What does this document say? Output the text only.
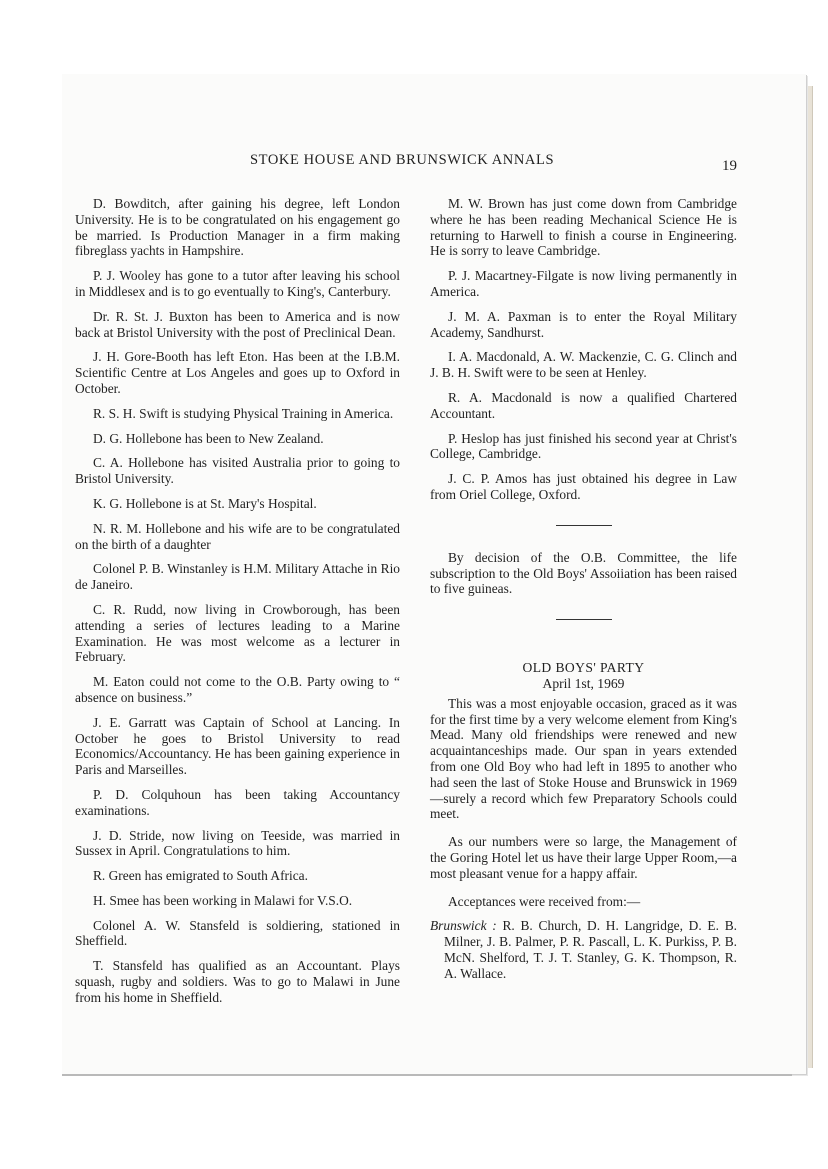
STOKE HOUSE AND BRUNSWICK ANNALS	19

D. Bowditch, after gaining his degree, left London University. He is to be congratulated on his engagement go be married. Is Production Manager in a firm making fibreglass yachts in Hampshire.

P. J. Wooley has gone to a tutor after leaving his school in Middlesex and is to go eventually to King's, Canterbury.

Dr. R. St. J. Buxton has been to America and is now back at Bristol University with the post of Preclinical Dean.

J. H. Gore-Booth has left Eton. Has been at the I.B.M. Scientific Centre at Los Angeles and goes up to Oxford in October.

R. S. H. Swift is studying Physical Training in America.

D. G. Hollebone has been to New Zealand.

C. A. Hollebone has visited Australia prior to going to Bristol University.

K. G. Hollebone is at St. Mary's Hospital.

N. R. M. Hollebone and his wife are to be congratulated on the birth of a daughter

Colonel P. B. Winstanley is H.M. Military Attache in Rio de Janeiro.

C. R. Rudd, now living in Crowborough, has been attending a series of lectures leading to a Marine Examination. He was most welcome as a lecturer in February.

M. Eaton could not come to the O.B. Party owing to “ absence on business.”

J. E. Garratt was Captain of School at Lancing. In October he goes to Bristol University to read Economics/Accountancy. He has been gaining experience in Paris and Marseilles.

P. D. Colquhoun has been taking Accountancy examinations.

J. D. Stride, now living on Teeside, was married in Sussex in April. Congratulations to him.

R. Green has emigrated to South Africa.

H. Smee has been working in Malawi for V.S.O.

Colonel A. W. Stansfeld is soldiering, stationed in Sheffield.

T. Stansfeld has qualified as an Accountant. Plays squash, rugby and soldiers. Was to go to Malawi in June from his home in Sheffield.

M. W. Brown has just come down from Cambridge where he has been reading Mechanical Science He is returning to Harwell to finish a course in Engineering. He is sorry to leave Cambridge.

P. J. Macartney-Filgate is now living permanently in America.

J. M. A. Paxman is to enter the Royal Military Academy, Sandhurst.

I. A. Macdonald, A. W. Mackenzie, C. G. Clinch and J. B. H. Swift were to be seen at Henley.

R. A. Macdonald is now a qualified Chartered Accountant.

P. Heslop has just finished his second year at Christ's College, Cambridge.

J. C. P. Amos has just obtained his degree in Law from Oriel College, Oxford.

By decision of the O.B. Committee, the life subscription to the Old Boys' Assoiiation has been raised to five guineas.

OLD BOYS' PARTY
April 1st, 1969

This was a most enjoyable occasion, graced as it was for the first time by a very welcome element from King's Mead. Many old friendships were renewed and new acquaintanceships made. Our span in years extended from one Old Boy who had left in 1895 to another who had seen the last of Stoke House and Brunswick in 1969—surely a record which few Preparatory Schools could meet.

As our numbers were so large, the Management of the Goring Hotel let us have their large Upper Room,—a most pleasant venue for a happy affair.

Acceptances were received from:—

Brunswick : R. B. Church, D. H. Langridge, D. E. B. Milner, J. B. Palmer, P. R. Pascall, L. K. Purkiss, P. B. McN. Shelford, T. J. T. Stanley, G. K. Thompson, R. A. Wallace.
